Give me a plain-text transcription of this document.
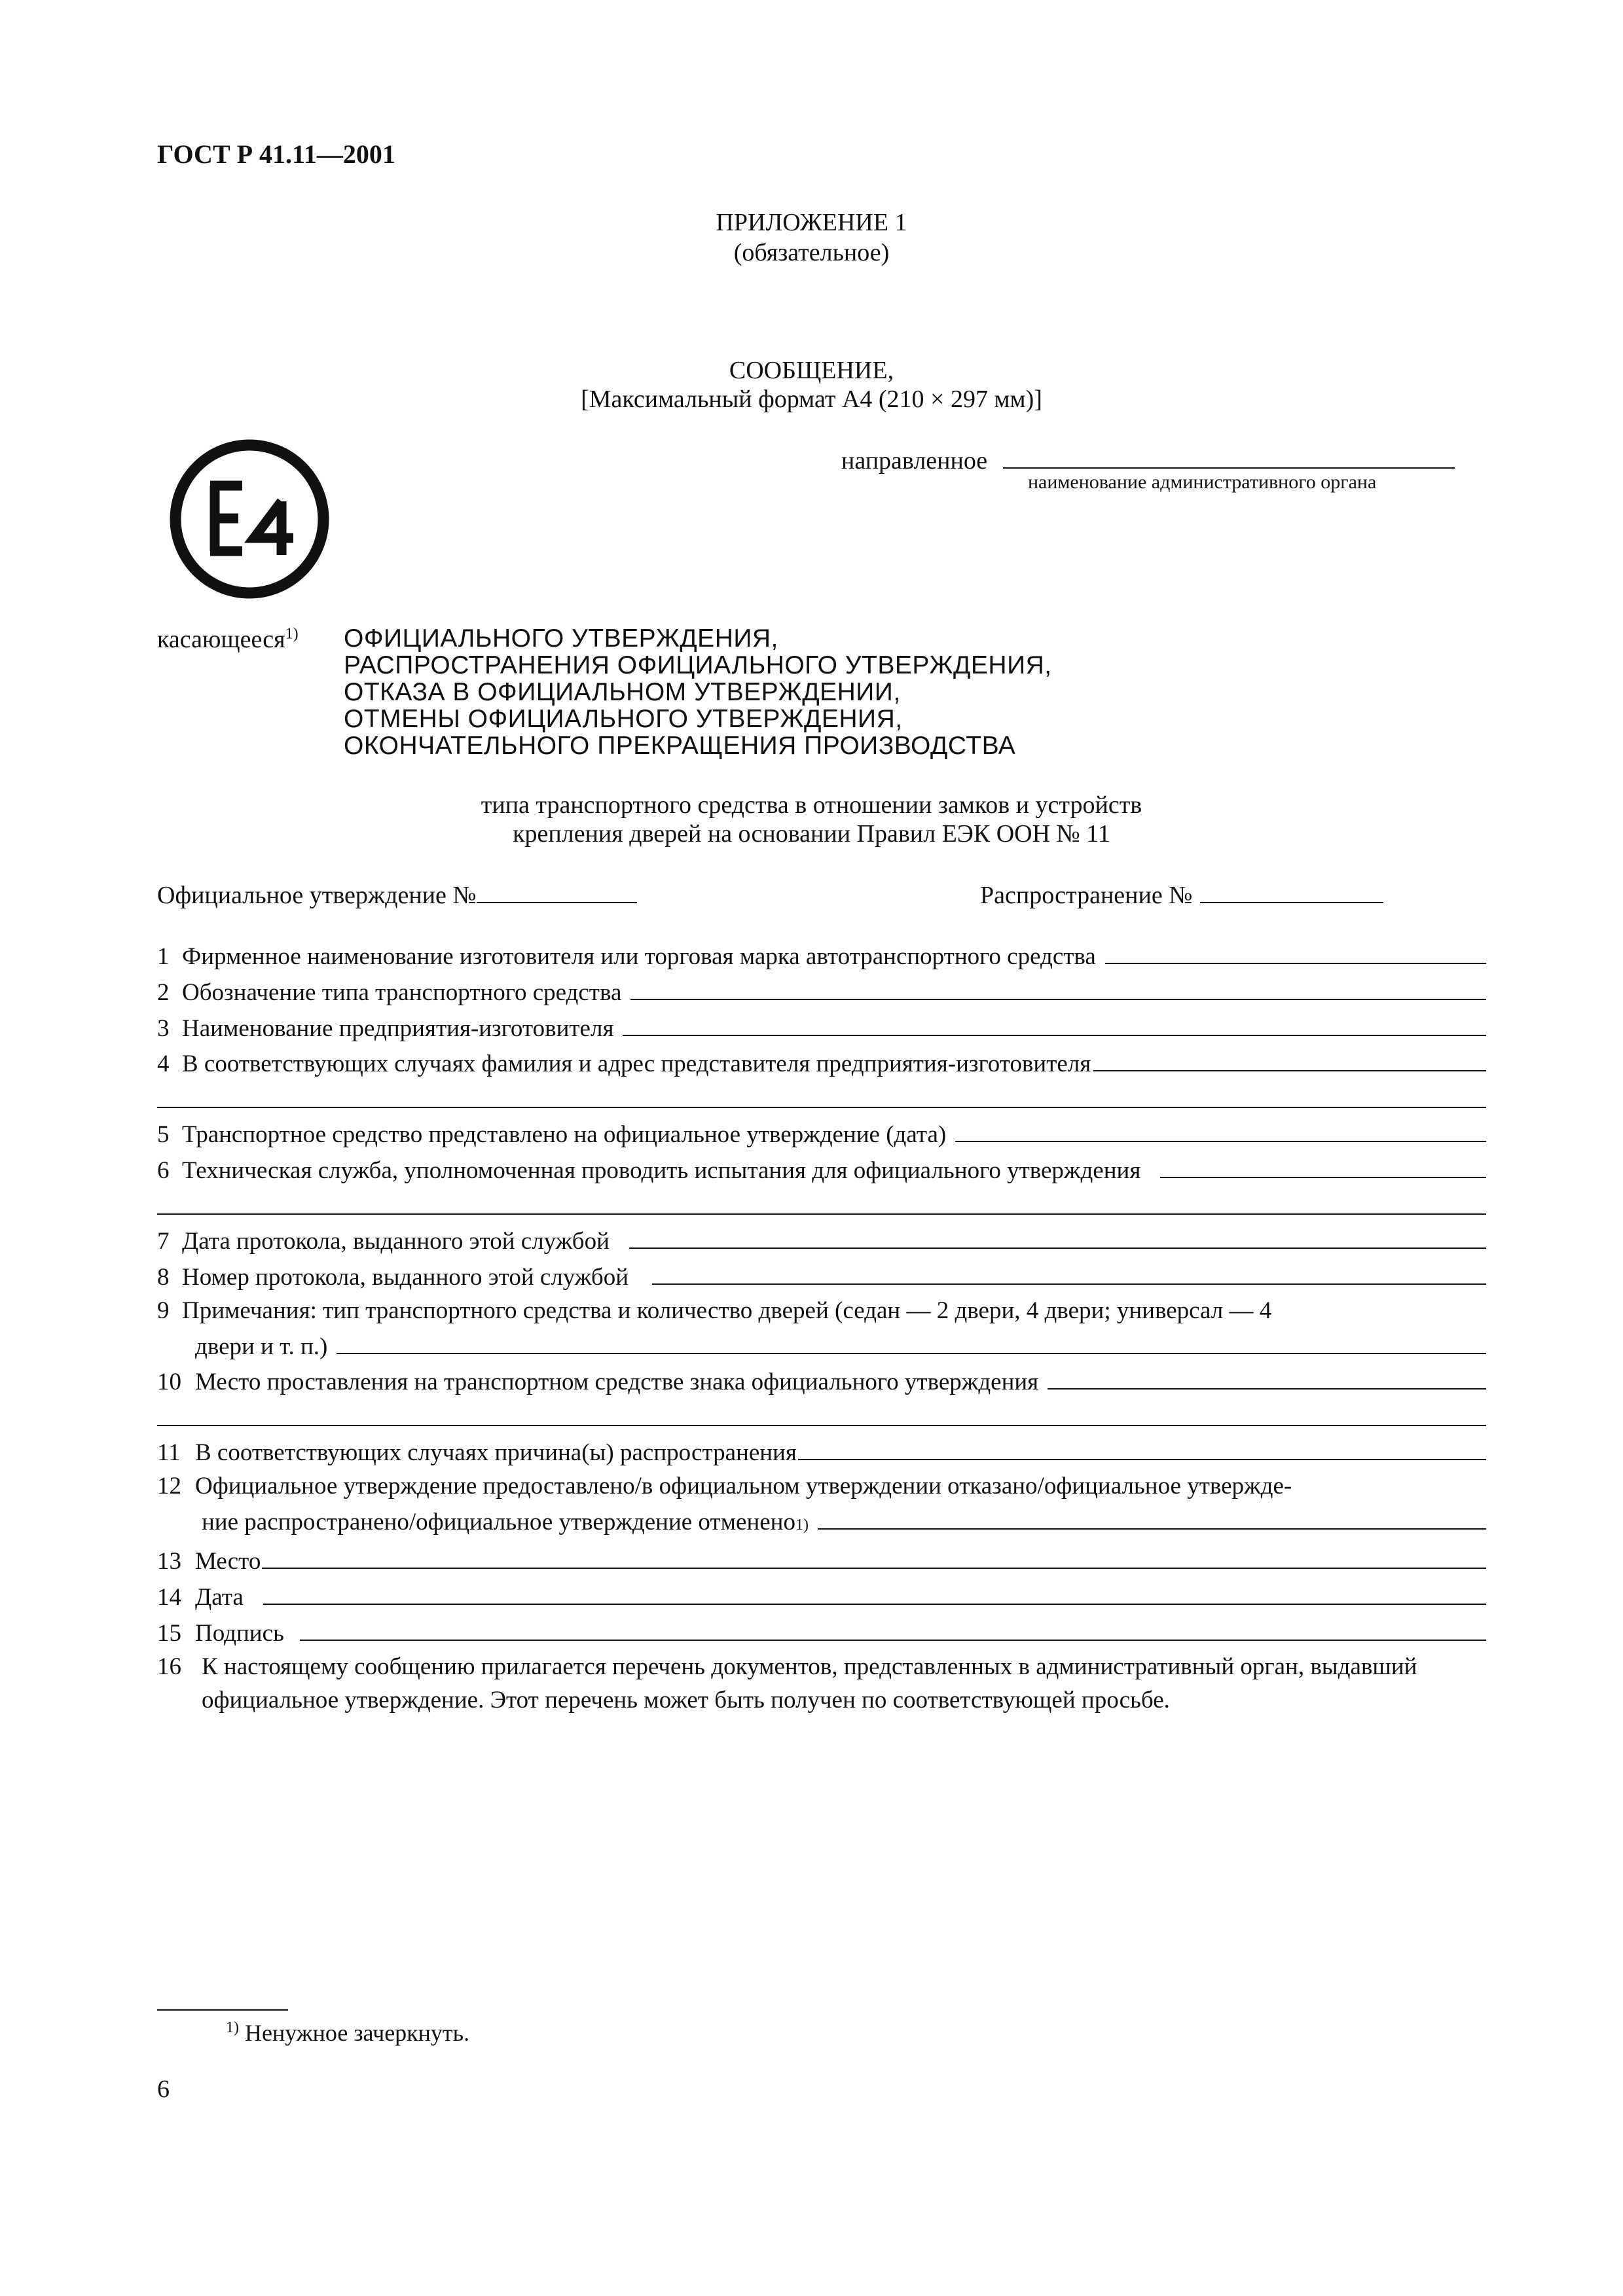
ГОСТ Р 41.11—2001
ПРИЛОЖЕНИЕ 1
(обязательное)
СООБЩЕНИЕ,
[Максимальный формат А4 (210 × 297 мм)]
направленное
наименование административного органа
касающееся$^{1)}$ ОФИЦИАЛЬНОГО УТВЕРЖДЕНИЯ,
РАСПРОСТРАНЕНИЯ ОФИЦИАЛЬНОГО УТВЕРЖДЕНИЯ,
ОТКАЗА В ОФИЦИАЛЬНОМ УТВЕРЖДЕНИИ,
ОТМЕНЫ ОФИЦИАЛЬНОГО УТВЕРЖДЕНИЯ,
ОКОНЧАТЕЛЬНОГО ПРЕКРАЩЕНИЯ ПРОИЗВОДСТВА
типа транспортного средства в отношении замков и устройств
крепления дверей на основании Правил ЕЭК ООН № 11
Официальное утверждение №	Распространение №
1 Фирменное наименование изготовителя или торговая марка автотранспортного средства
2 Обозначение типа транспортного средства
3 Наименование предприятия-изготовителя
4 В соответствующих случаях фамилия и адрес представителя предприятия-изготовителя
5 Транспортное средство представлено на официальное утверждение (дата)
6 Техническая служба, уполномоченная проводить испытания для официального утверждения
7 Дата протокола, выданного этой службой
8 Номер протокола, выданного этой службой
9 Примечания: тип транспортного средства и количество дверей (седан — 2 двери, 4 двери; универсал — 4
двери и т. п.)
10 Место проставления на транспортном средстве знака официального утверждения
11 В соответствующих случаях причина(ы) распространения
12 Официальное утверждение предоставлено/в официальном утверждении отказано/официальное утвержде-
ние распространено/официальное утверждение отменено 1)
13 Место
14 Дата
15 Подпись
16 К настоящему сообщению прилагается перечень документов, представленных в административный орган, выдавший официальное утверждение. Этот перечень может быть получен по соответствующей просьбе.
$^{1)}$ Ненужное зачеркнуть.
6
